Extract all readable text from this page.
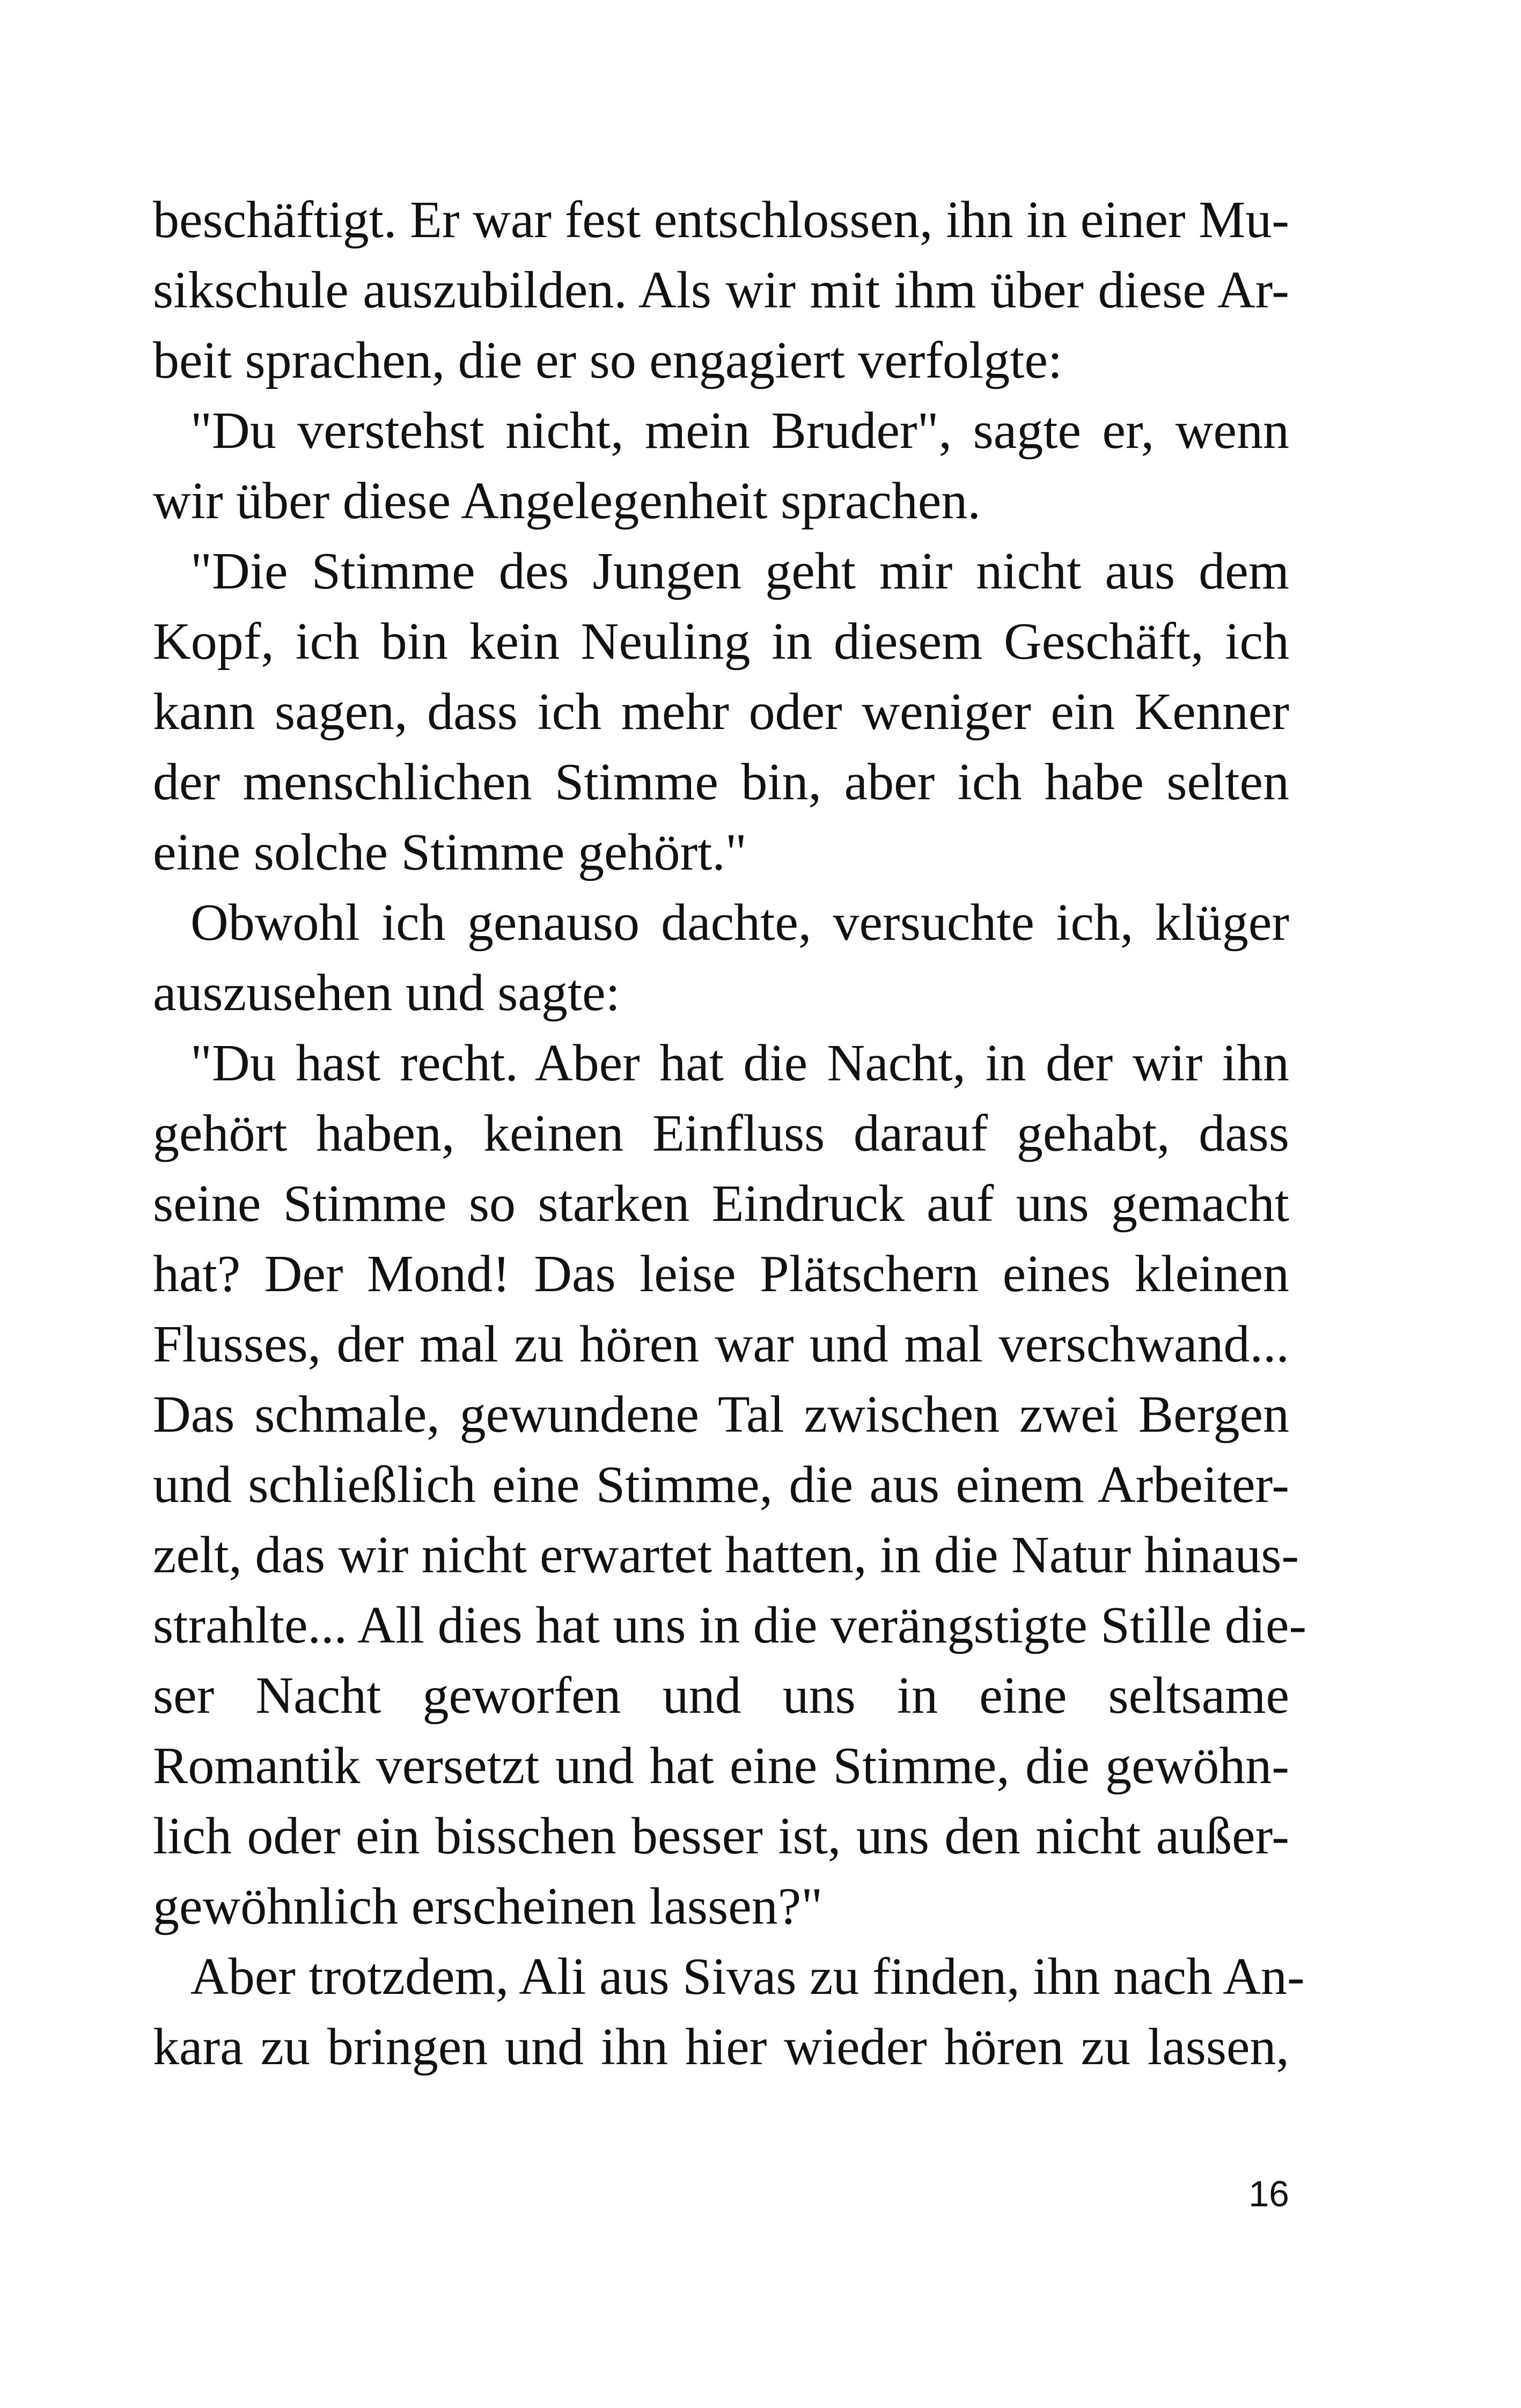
beschäftigt. Er war fest entschlossen, ihn in einer Mu-
sikschule auszubilden. Als wir mit ihm über diese Ar-
beit sprachen, die er so engagiert verfolgte:
"Du verstehst nicht, mein Bruder", sagte er, wenn
wir über diese Angelegenheit sprachen.
"Die Stimme des Jungen geht mir nicht aus dem
Kopf, ich bin kein Neuling in diesem Geschäft, ich
kann sagen, dass ich mehr oder weniger ein Kenner
der menschlichen Stimme bin, aber ich habe selten
eine solche Stimme gehört."
Obwohl ich genauso dachte, versuchte ich, klüger
auszusehen und sagte:
"Du hast recht. Aber hat die Nacht, in der wir ihn
gehört haben, keinen Einfluss darauf gehabt, dass
seine Stimme so starken Eindruck auf uns gemacht
hat? Der Mond! Das leise Plätschern eines kleinen
Flusses, der mal zu hören war und mal verschwand...
Das schmale, gewundene Tal zwischen zwei Bergen
und schließlich eine Stimme, die aus einem Arbeiter-
zelt, das wir nicht erwartet hatten, in die Natur hinaus-
strahlte... All dies hat uns in die verängstigte Stille die-
ser Nacht geworfen und uns in eine seltsame
Romantik versetzt und hat eine Stimme, die gewöhn-
lich oder ein bisschen besser ist, uns den nicht außer-
gewöhnlich erscheinen lassen?"
Aber trotzdem, Ali aus Sivas zu finden, ihn nach An-
kara zu bringen und ihn hier wieder hören zu lassen,
16
